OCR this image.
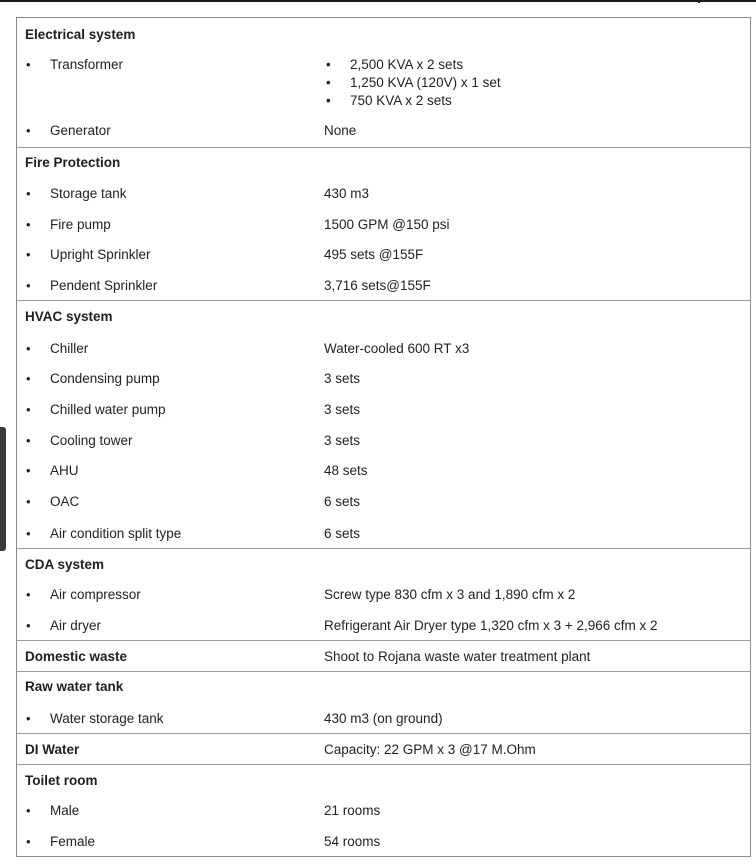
Electrical system
• Transformer	• 2,500 KVA x 2 sets
• 1,250 KVA (120V) x 1 set
• 750 KVA x 2 sets
• Generator	None
Fire Protection
• Storage tank	430 m3
• Fire pump	1500 GPM @150 psi
• Upright Sprinkler	495 sets @155F
• Pendent Sprinkler	3,716 sets@155F
HVAC system
• Chiller	Water-cooled 600 RT x3
• Condensing pump	3 sets
• Chilled water pump	3 sets
• Cooling tower	3 sets
• AHU	48 sets
• OAC	6 sets
• Air condition split type	6 sets
CDA system
• Air compressor	Screw type 830 cfm x 3 and 1,890 cfm x 2
• Air dryer	Refrigerant Air Dryer type 1,320 cfm x 3 + 2,966 cfm x 2
Domestic waste	Shoot to Rojana waste water treatment plant
Raw water tank
• Water storage tank	430 m3 (on ground)
DI Water	Capacity: 22 GPM x 3 @17 M.Ohm
Toilet room
• Male	21 rooms
• Female	54 rooms
